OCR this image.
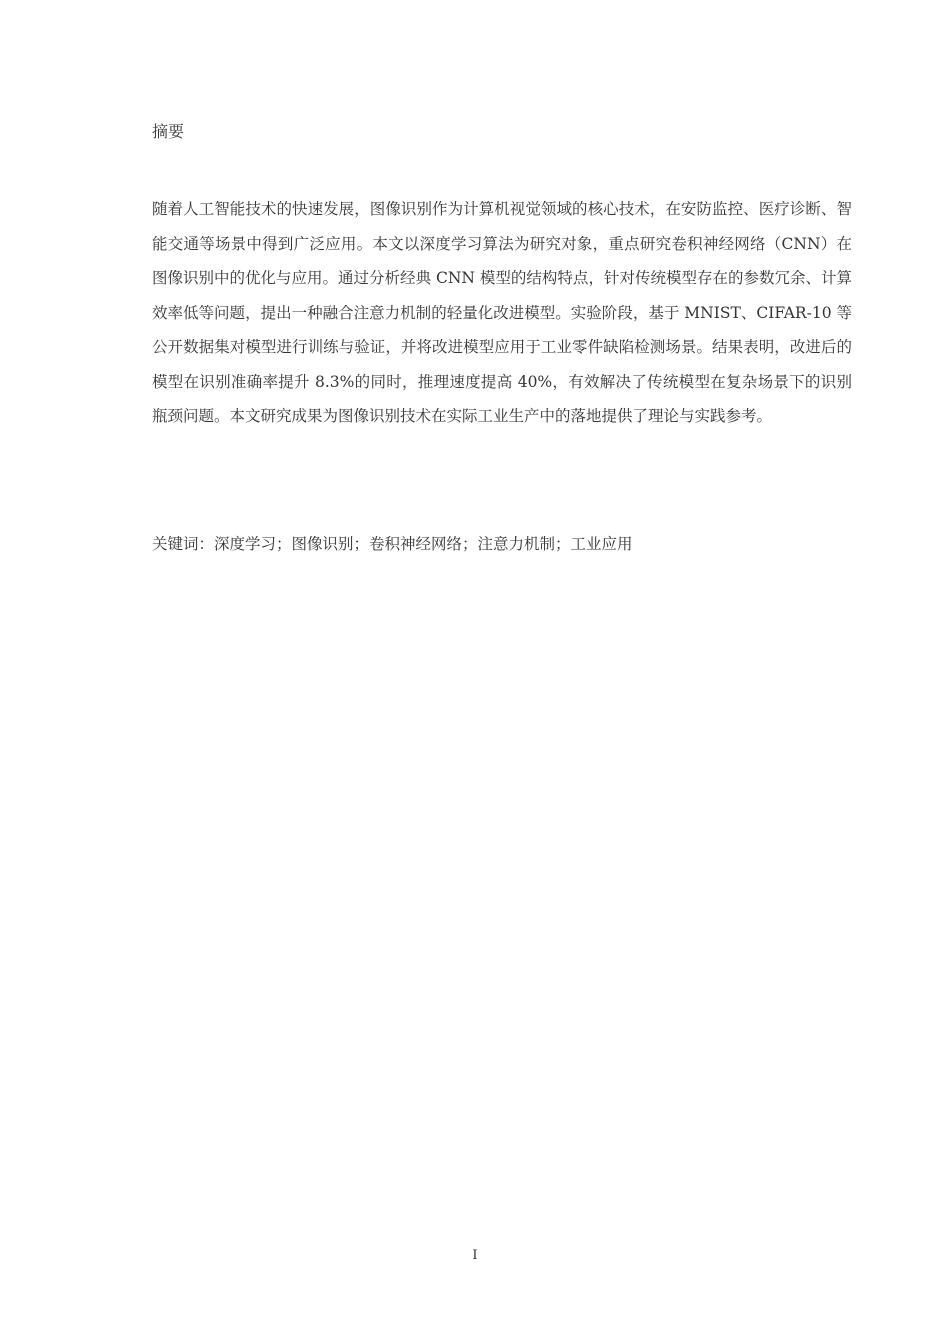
摘要

随着人工智能技术的快速发展，图像识别作为计算机视觉领域的核心技术，在安防监控、医疗诊断、智能交通等场景中得到广泛应用。本文以深度学习算法为研究对象，重点研究卷积神经网络（CNN）在图像识别中的优化与应用。通过分析经典 CNN 模型的结构特点，针对传统模型存在的参数冗余、计算效率低等问题，提出一种融合注意力机制的轻量化改进模型。实验阶段，基于 MNIST、CIFAR-10 等公开数据集对模型进行训练与验证，并将改进模型应用于工业零件缺陷检测场景。结果表明，改进后的模型在识别准确率提升 8.3%的同时，推理速度提高 40%，有效解决了传统模型在复杂场景下的识别瓶颈问题。本文研究成果为图像识别技术在实际工业生产中的落地提供了理论与实践参考。

关键词：深度学习；图像识别；卷积神经网络；注意力机制；工业应用
I
